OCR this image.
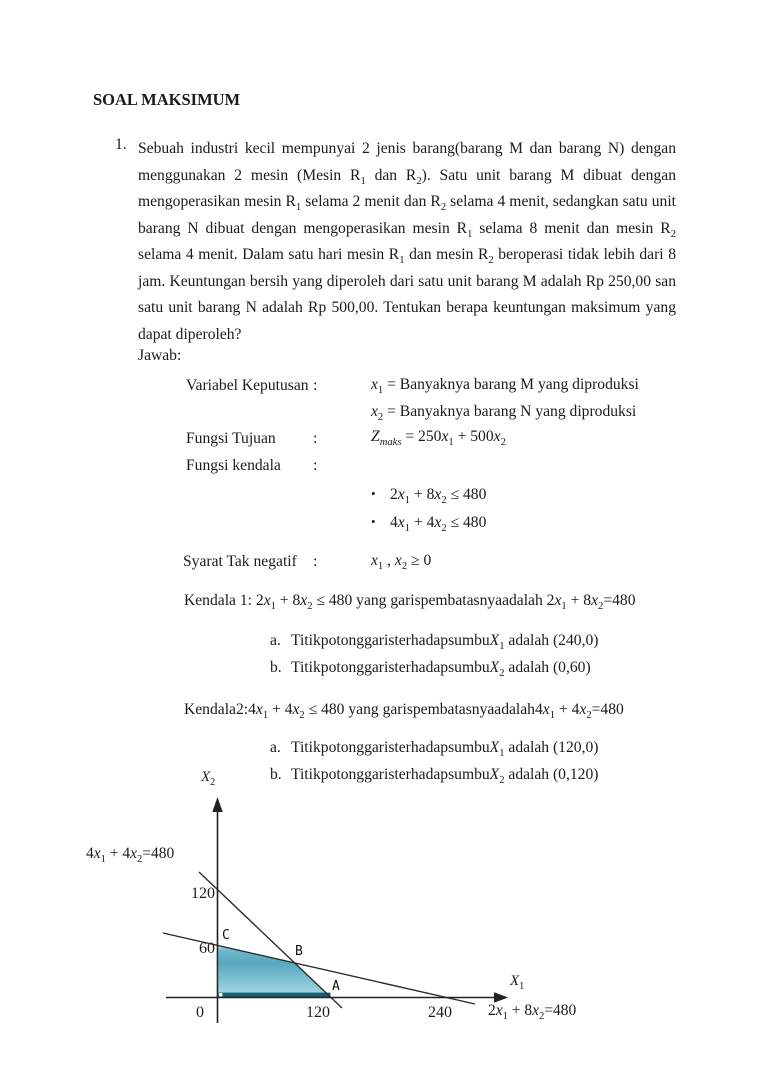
SOAL MAKSIMUM
1. Sebuah industri kecil mempunyai 2 jenis barang(barang M dan barang N) dengan
menggunakan 2 mesin (Mesin $R_1$ dan $R_2$). Satu unit barang M dibuat dengan
mengoperasikan mesin $R_1$ selama 2 menit dan $R_2$ selama 4 menit, sedangkan satu unit
barang N dibuat dengan mengoperasikan mesin $R_1$ selama 8 menit dan mesin $R_2$
selama 4 menit. Dalam satu hari mesin $R_1$ dan mesin $R_2$ beroperasi tidak lebih dari 8
jam. Keuntungan bersih yang diperoleh dari satu unit barang M adalah Rp 250,00 san
satu unit barang N adalah Rp 500,00. Tentukan berapa keuntungan maksimum yang
dapat diperoleh?
Jawab:
Variabel Keputusan :	$x_1$ = Banyaknya barang M yang diproduksi
$x_2$ = Banyaknya barang N yang diproduksi
Fungsi Tujuan :	$Z_{maks} = 250x_1 + 500x_2$
Fungsi kendala :
• $2x_1 + 8x_2 \le 480$
• $4x_1 + 4x_2 \le 480$
Syarat Tak negatif :	$x_1$ , $x_2 \ge 0$
Kendala 1: $2x_1 + 8x_2 \le 480$ yang garispembatasnyaadalah $2x_1 + 8x_2=480$
a. TitikpotonggaristerhadapsumbuX$_1$ adalah (240,0)
b. TitikpotonggaristerhadapsumbuX$_2$ adalah (0,60)
$Kendala2:4x_1 + 4x_2 \le 480$ yang $garispembatasnyaadalah4x_1 + 4x_2=480$
a. TitikpotonggaristerhadapsumbuX$_1$ adalah (120,0)
b. TitikpotonggaristerhadapsumbuX$_2$ adalah (0,120)
$X_2$
$X_1$
$4x_1 + 4x_2=480$
$2x_1 + 8x_2=480$
120
60
0	120	240
A
B
C
